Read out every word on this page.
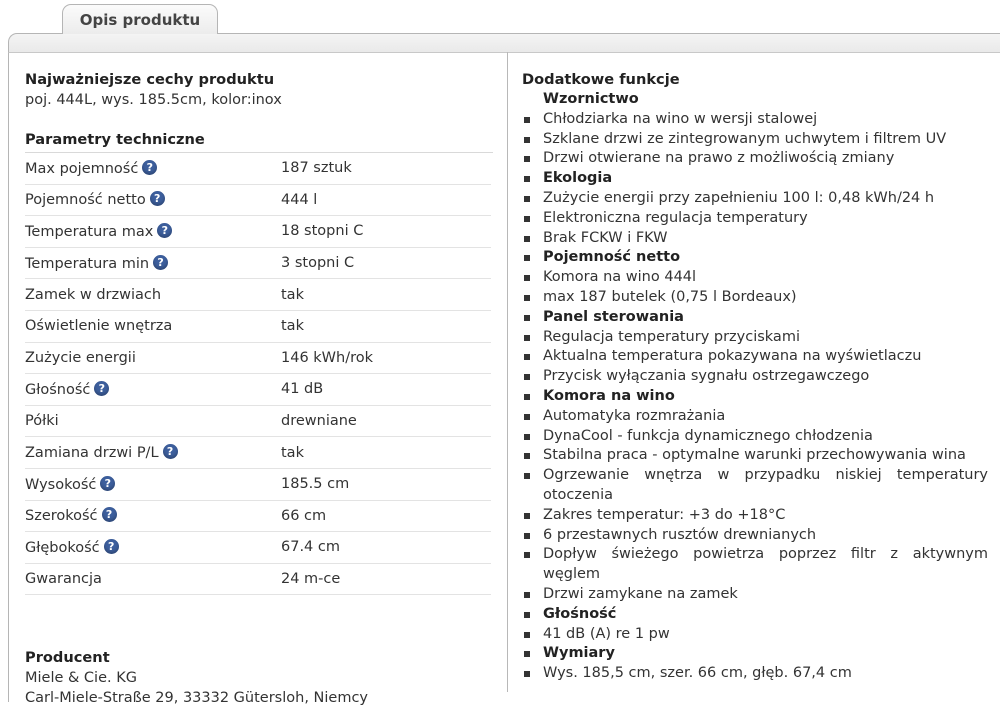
Opis produktu
Najważniejsze cechy produktu
poj. 444L, wys. 185.5cm, kolor:inox
Parametry techniczne
Max pojemność ?	187 sztuk
Pojemność netto ?	444 l
Temperatura max ?	18 stopni C
Temperatura min ?	3 stopni C
Zamek w drzwiach	tak
Oświetlenie wnętrza	tak
Zużycie energii	146 kWh/rok
Głośność ?	41 dB
Półki	drewniane
Zamiana drzwi P/L ?	tak
Wysokość ?	185.5 cm
Szerokość ?	66 cm
Głębokość ?	67.4 cm
Gwarancja	24 m-ce
Producent
Miele & Cie. KG
Carl-Miele-Straße 29, 33332 Gütersloh, Niemcy
Dodatkowe funkcje
Wzornictwo
Chłodziarka na wino w wersji stalowej
Szklane drzwi ze zintegrowanym uchwytem i filtrem UV
Drzwi otwierane na prawo z możliwością zmiany
Ekologia
Zużycie energii przy zapełnieniu 100 l: 0,48 kWh/24 h
Elektroniczna regulacja temperatury
Brak FCKW i FKW
Pojemność netto
Komora na wino 444l
max 187 butelek (0,75 l Bordeaux)
Panel sterowania
Regulacja temperatury przyciskami
Aktualna temperatura pokazywana na wyświetlaczu
Przycisk wyłączania sygnału ostrzegawczego
Komora na wino
Automatyka rozmrażania
DynaCool - funkcja dynamicznego chłodzenia
Stabilna praca - optymalne warunki przechowywania wina
Ogrzewanie wnętrza w przypadku niskiej temperatury otoczenia
Zakres temperatur: +3 do +18°C
6 przestawnych rusztów drewnianych
Dopływ świeżego powietrza poprzez filtr z aktywnym węglem
Drzwi zamykane na zamek
Głośność
41 dB (A) re 1 pw
Wymiary
Wys. 185,5 cm, szer. 66 cm, głęb. 67,4 cm
